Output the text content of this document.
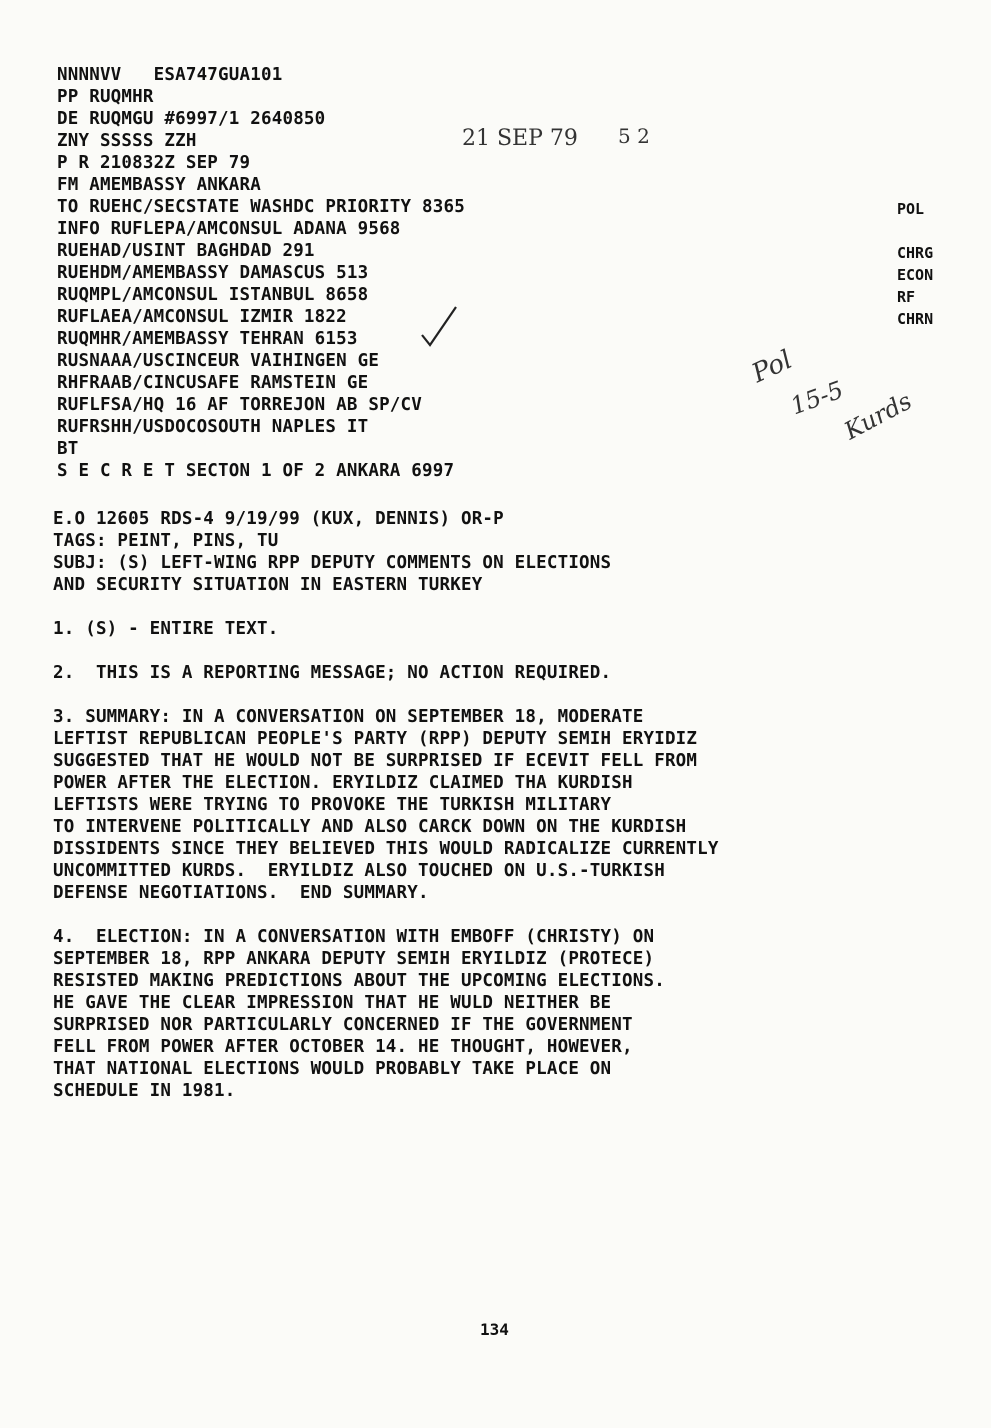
NNNNVV   ESA747GUA101
PP RUQMHR
DE RUQMGU #6997/1 2640850
ZNY SSSSS ZZH
P R 210832Z SEP 79
FM AMEMBASSY ANKARA
TO RUEHC/SECSTATE WASHDC PRIORITY 8365
INFO RUFLEPA/AMCONSUL ADANA 9568
RUEHAD/USINT BAGHDAD 291
RUEHDM/AMEMBASSY DAMASCUS 513
RUQMPL/AMCONSUL ISTANBUL 8658
RUFLAEA/AMCONSUL IZMIR 1822
RUQMHR/AMEMBASSY TEHRAN 6153
RUSNAAA/USCINCEUR VAIHINGEN GE
RHFRAAB/CINCUSAFE RAMSTEIN GE
RUFLFSA/HQ 16 AF TORREJON AB SP/CV
RUFRSHH/USDOCOSOUTH NAPLES IT
BT
S E C R E T SECTON 1 OF 2 ANKARA 6997
POL
CHRG
ECON
RF
CHRN
21 SEP 79 5 2
Pol
15-5
Kurds
E.O 12605 RDS-4 9/19/99 (KUX, DENNIS) OR-P
TAGS: PEINT, PINS, TU
SUBJ: (S) LEFT-WING RPP DEPUTY COMMENTS ON ELECTIONS
AND SECURITY SITUATION IN EASTERN TURKEY
1. (S) - ENTIRE TEXT.
2.  THIS IS A REPORTING MESSAGE; NO ACTION REQUIRED.
3. SUMMARY: IN A CONVERSATION ON SEPTEMBER 18, MODERATE
LEFTIST REPUBLICAN PEOPLE'S PARTY (RPP) DEPUTY SEMIH ERYIDIZ
SUGGESTED THAT HE WOULD NOT BE SURPRISED IF ECEVIT FELL FROM
POWER AFTER THE ELECTION. ERYILDIZ CLAIMED THA KURDISH
LEFTISTS WERE TRYING TO PROVOKE THE TURKISH MILITARY
TO INTERVENE POLITICALLY AND ALSO CARCK DOWN ON THE KURDISH
DISSIDENTS SINCE THEY BELIEVED THIS WOULD RADICALIZE CURRENTLY
UNCOMMITTED KURDS.  ERYILDIZ ALSO TOUCHED ON U.S.-TURKISH
DEFENSE NEGOTIATIONS.  END SUMMARY.
4.  ELECTION: IN A CONVERSATION WITH EMBOFF (CHRISTY) ON
SEPTEMBER 18, RPP ANKARA DEPUTY SEMIH ERYILDIZ (PROTECE)
RESISTED MAKING PREDICTIONS ABOUT THE UPCOMING ELECTIONS.
HE GAVE THE CLEAR IMPRESSION THAT HE WULD NEITHER BE
SURPRISED NOR PARTICULARLY CONCERNED IF THE GOVERNMENT
FELL FROM POWER AFTER OCTOBER 14. HE THOUGHT, HOWEVER,
THAT NATIONAL ELECTIONS WOULD PROBABLY TAKE PLACE ON
SCHEDULE IN 1981.
134
